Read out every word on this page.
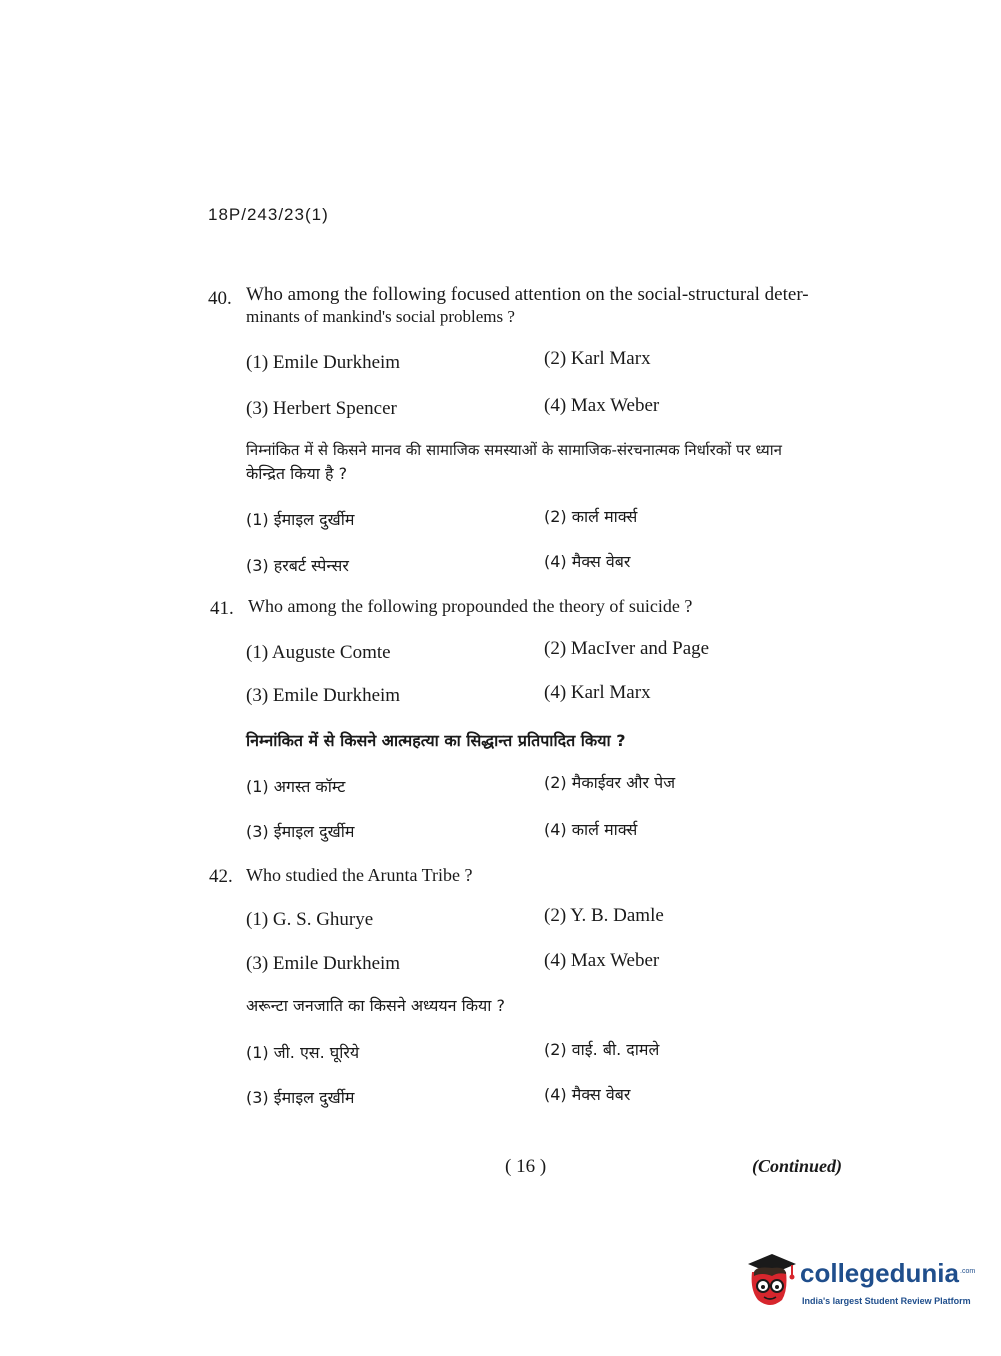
18P/243/23(1)
40. Who among the following focused attention on the social-structural deter-
minants of mankind's social problems ?
(1) Emile Durkheim	(2) Karl Marx
(3) Herbert Spencer	(4) Max Weber
निम्नांकित में से किसने मानव की सामाजिक समस्याओं के सामाजिक-संरचनात्मक निर्धारकों पर ध्यान
केन्द्रित किया है ?
(1) ईमाइल दुर्खीम	(2) कार्ल मार्क्स
(3) हरबर्ट स्पेन्सर	(4) मैक्स वेबर
41. Who among the following propounded the theory of suicide ?
(1) Auguste Comte	(2) MacIver and Page
(3) Emile Durkheim	(4) Karl Marx
निम्नांकित में से किसने आत्महत्या का सिद्धान्त प्रतिपादित किया ?
(1) अगस्त कॉम्ट	(2) मैकाईवर और पेज
(3) ईमाइल दुर्खीम	(4) कार्ल मार्क्स
42. Who studied the Arunta Tribe ?
(1) G. S. Ghurye	(2) Y. B. Damle
(3) Emile Durkheim	(4) Max Weber
अरून्टा जनजाति का किसने अध्ययन किया ?
(1) जी. एस. घूरिये	(2) वाई. बी. दामले
(3) ईमाइल दुर्खीम	(4) मैक्स वेबर
( 16 )	(Continued)
collegedunia .com
India's largest Student Review Platform
